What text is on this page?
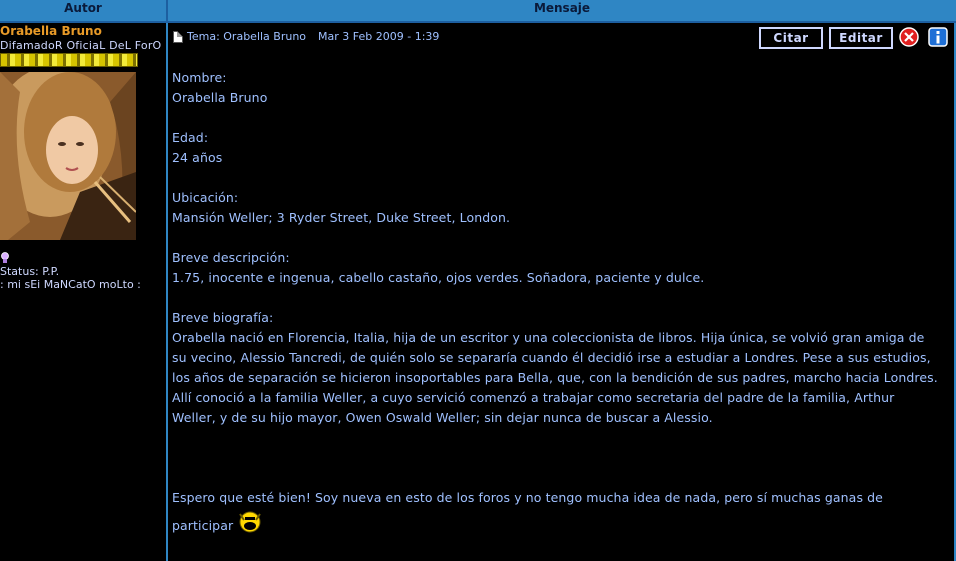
Autor	Mensaje
Orabella Bruno
DifamadoR OficiaL DeL ForO
Status: P.P.
: mi sEi MaNCatO moLto :
Tema: Orabella Bruno Mar 3 Feb 2009 - 1:39	Citar	Editar

Nombre:

Orabella Bruno

Edad:

24 años

Ubicación:

Mansión Weller; 3 Ryder Street, Duke Street, London.

Breve descripción:

1.75, inocente e ingenua, cabello castaño, ojos verdes. Soñadora, paciente y dulce.

Breve biografía:

Orabella nació en Florencia, Italia, hija de un escritor y una coleccionista de libros. Hija única, se volvió gran amiga de su vecino, Alessio Tancredi, de quién solo se separaría cuando él decidió irse a estudiar a Londres. Pese a sus estudios, los años de separación se hicieron insoportables para Bella, que, con la bendición de sus padres, marcho hacia Londres.

Allí conoció a la familia Weller, a cuyo servició comenzó a trabajar como secretaria del padre de la familia, Arthur Weller, y de su hijo mayor, Owen Oswald Weller; sin dejar nunca de buscar a Alessio.

Espero que esté bien! Soy nueva en esto de los foros y no tengo mucha idea de nada, pero sí muchas ganas de participar
